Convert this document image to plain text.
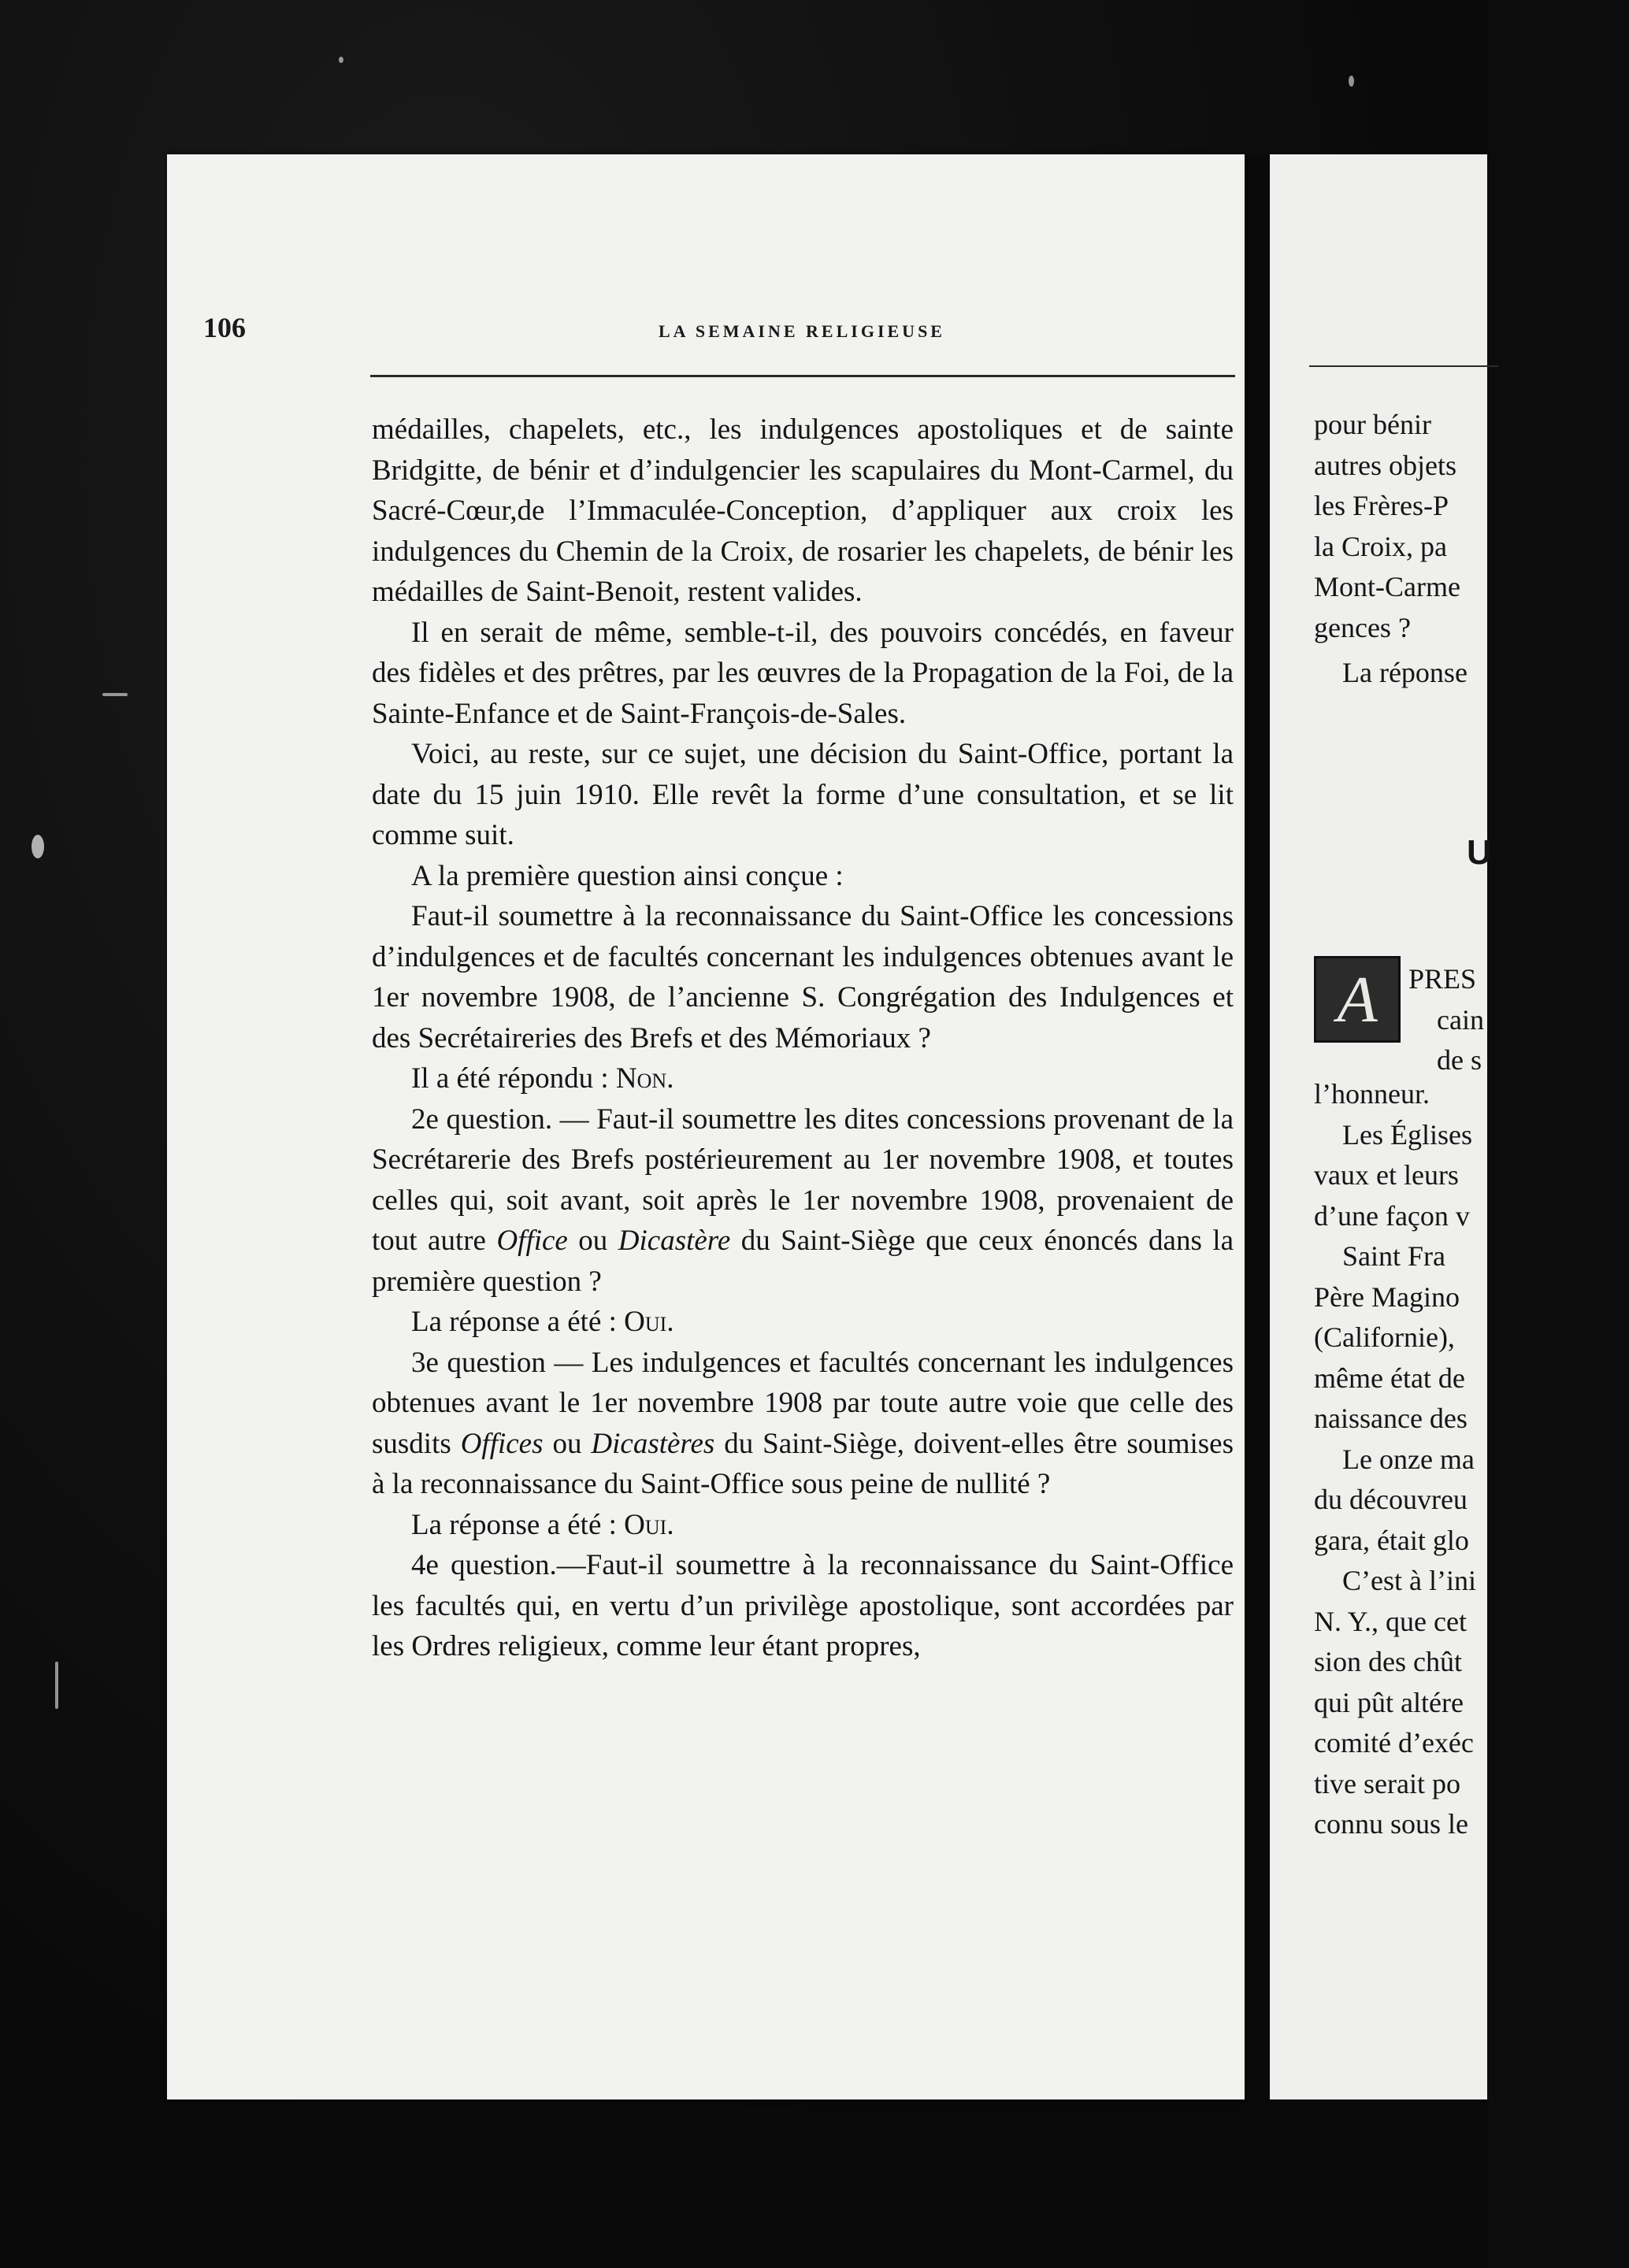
pour bénir
autres objets
les Frères-P
la Croix, pa
Mont-Carme
gences ?
La réponse
U
A	PRES
cain
de s
l’honneur.
Les Églises
vaux et leurs
d’une façon v
Saint Fra
Père Magino
(Californie),
même état de
naissance des
Le onze ma
du découvreu
gara, était glo
C’est à l’ini
N. Y., que cet
sion des chût
qui pût altére
comité d’exéc
tive serait po
connu sous le
106	LA SEMAINE RELIGIEUSE

médailles, chapelets, etc., les indulgences apostoliques et de sainte Bridgitte, de bénir et d’indulgencier les scapulaires du Mont-Carmel, du Sacré-Cœur,de l’Immaculée-Conception, d’appliquer aux croix les indulgences du Chemin de la Croix, de rosarier les chapelets, de bénir les médailles de Saint-Benoit, restent valides.

Il en serait de même, semble-t-il, des pouvoirs concédés, en faveur des fidèles et des prêtres, par les œuvres de la Propagation de la Foi, de la Sainte-Enfance et de Saint-François-de-Sales.

Voici, au reste, sur ce sujet, une décision du Saint-Office, portant la date du 15 juin 1910. Elle revêt la forme d’une consultation, et se lit comme suit.

A la première question ainsi conçue :

Faut-il soumettre à la reconnaissance du Saint-Office les concessions d’indulgences et de facultés concernant les indulgences obtenues avant le 1er novembre 1908, de l’ancienne S. Congrégation des Indulgences et des Secrétaireries des Brefs et des Mémoriaux ?

Il a été répondu : Non.

2e question. — Faut-il soumettre les dites concessions provenant de la Secrétarerie des Brefs postérieurement au 1er novembre 1908, et toutes celles qui, soit avant, soit après le 1er novembre 1908, provenaient de tout autre Office ou Dicastère du Saint-Siège que ceux énoncés dans la première question ?

La réponse a été : Oui.

3e question — Les indulgences et facultés concernant les indulgences obtenues avant le 1er novembre 1908 par toute autre voie que celle des susdits Offices ou Dicastères du Saint-Siège, doivent-elles être soumises à la reconnaissance du Saint-Office sous peine de nullité ?

La réponse a été : Oui.

4e question.—Faut-il soumettre à la reconnaissance du Saint-Office les facultés qui, en vertu d’un privilège apostolique, sont accordées par les Ordres religieux, comme leur étant propres,
